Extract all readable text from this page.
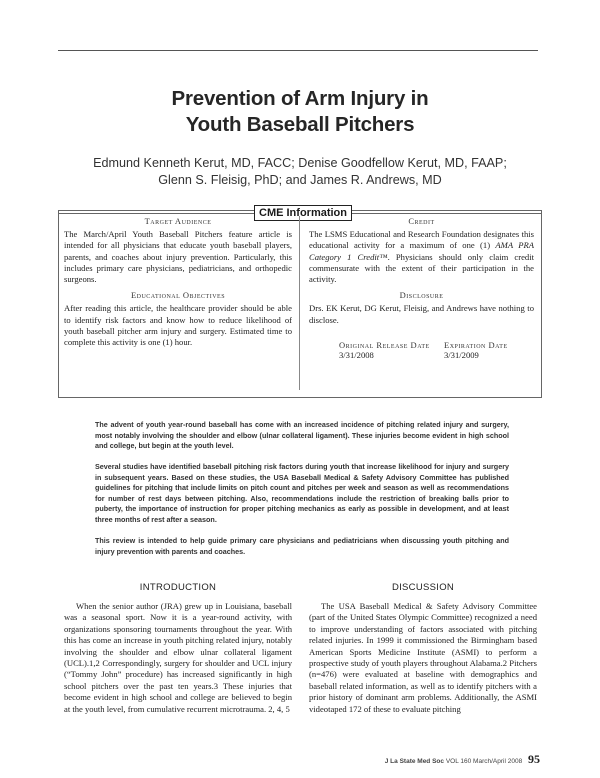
Prevention of Arm Injury in
Youth Baseball Pitchers
Edmund Kenneth Kerut, MD, FACC; Denise Goodfellow Kerut, MD, FAAP;
Glenn S. Fleisig, PhD; and James R. Andrews, MD
CME Information
Target Audience
The March/April Youth Baseball Pitchers feature article is intended for all physicians that educate youth baseball players, parents, and coaches about injury prevention. Particularly, this includes primary care physicians, pediatricians, and orthopedic surgeons.
Educational Objectives
After reading this article, the healthcare provider should be able to identify risk factors and know how to reduce likelihood of youth baseball pitcher arm injury and surgery. Estimated time to complete this activity is one (1) hour.
Credit
The LSMS Educational and Research Foundation designates this educational activity for a maximum of one (1) AMA PRA Category 1 Credit™. Physicians should only claim credit commensurate with the extent of their participation in the activity.
Disclosure
Drs. EK Kerut, DG Kerut, Fleisig, and Andrews have nothing to disclose.
Original Release Date
3/31/2008
Expiration Date
3/31/2009
The advent of youth year-round baseball has come with an increased incidence of pitching related injury and surgery, most notably involving the shoulder and elbow (ulnar collateral ligament). These injuries become evident in high school and college, but begin at the youth level.
Several studies have identified baseball pitching risk factors during youth that increase likelihood for injury and surgery in subsequent years. Based on these studies, the USA Baseball Medical & Safety Advisory Committee has published guidelines for pitching that include limits on pitch count and pitches per week and season as well as recommendations for number of rest days between pitching. Also, recommendations include the restriction of breaking balls prior to puberty, the importance of instruction for proper pitching mechanics as early as possible in development, and at least three months of rest after a season.
This review is intended to help guide primary care physicians and pediatricians when discussing youth pitching and injury prevention with parents and coaches.
INTRODUCTION
When the senior author (JRA) grew up in Louisiana, baseball was a seasonal sport. Now it is a year-round activity, with organizations sponsoring tournaments throughout the year. With this has come an increase in youth pitching related injury, notably involving the shoulder and elbow ulnar collateral ligament (UCL).1,2 Correspondingly, surgery for shoulder and UCL injury (“Tommy John” procedure) has increased significantly in high school pitchers over the past ten years.3 These injuries that become evident in high school and college are believed to begin at the youth level, from cumulative recurrent microtrauma. 2, 4, 5
DISCUSSION
The USA Baseball Medical & Safety Advisory Committee (part of the United States Olympic Committee) recognized a need to improve understanding of factors associated with pitching related injuries. In 1999 it commissioned the Birmingham based American Sports Medicine Institute (ASMI) to perform a prospective study of youth players throughout Alabama.2 Pitchers (n=476) were evaluated at baseline with demographics and baseball related information, as well as to identify pitchers with a prior history of dominant arm problems. Additionally, the ASMI videotaped 172 of these to evaluate pitching
J La State Med Soc VOL 160 March/April 2008 95
